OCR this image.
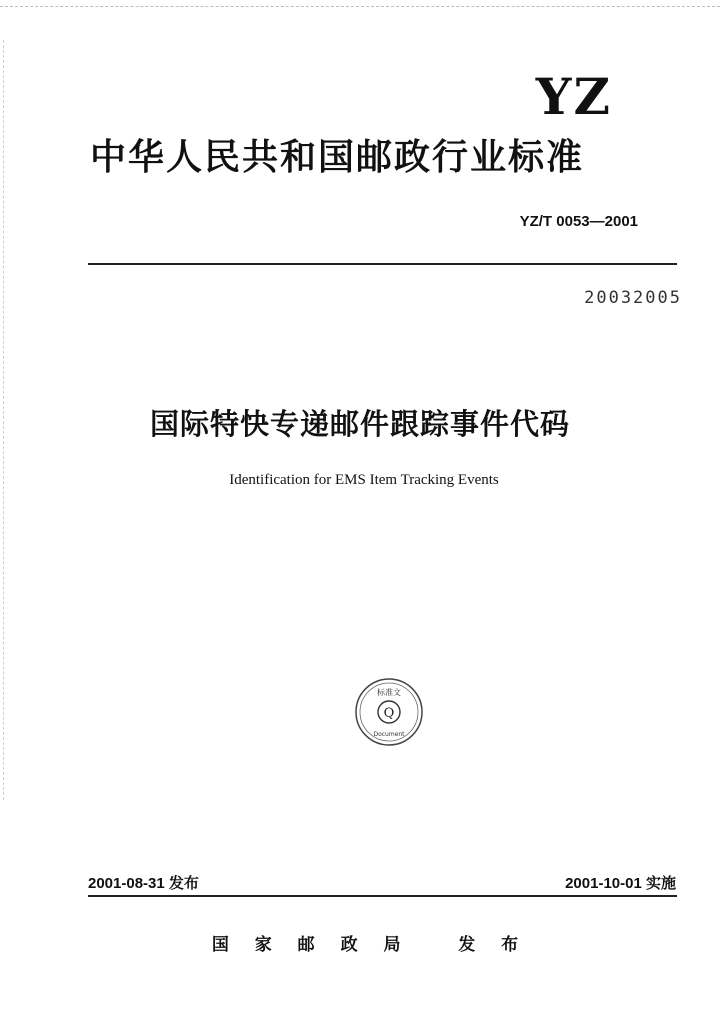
YZ
中华人民共和国邮政行业标准
YZ/T 0053—2001
20032005
国际特快专递邮件跟踪事件代码
Identification for EMS Item Tracking Events
Q
标准文
Document
2001-08-31 发布	2001-10-01 实施
国 家 邮 政 局   发 布
